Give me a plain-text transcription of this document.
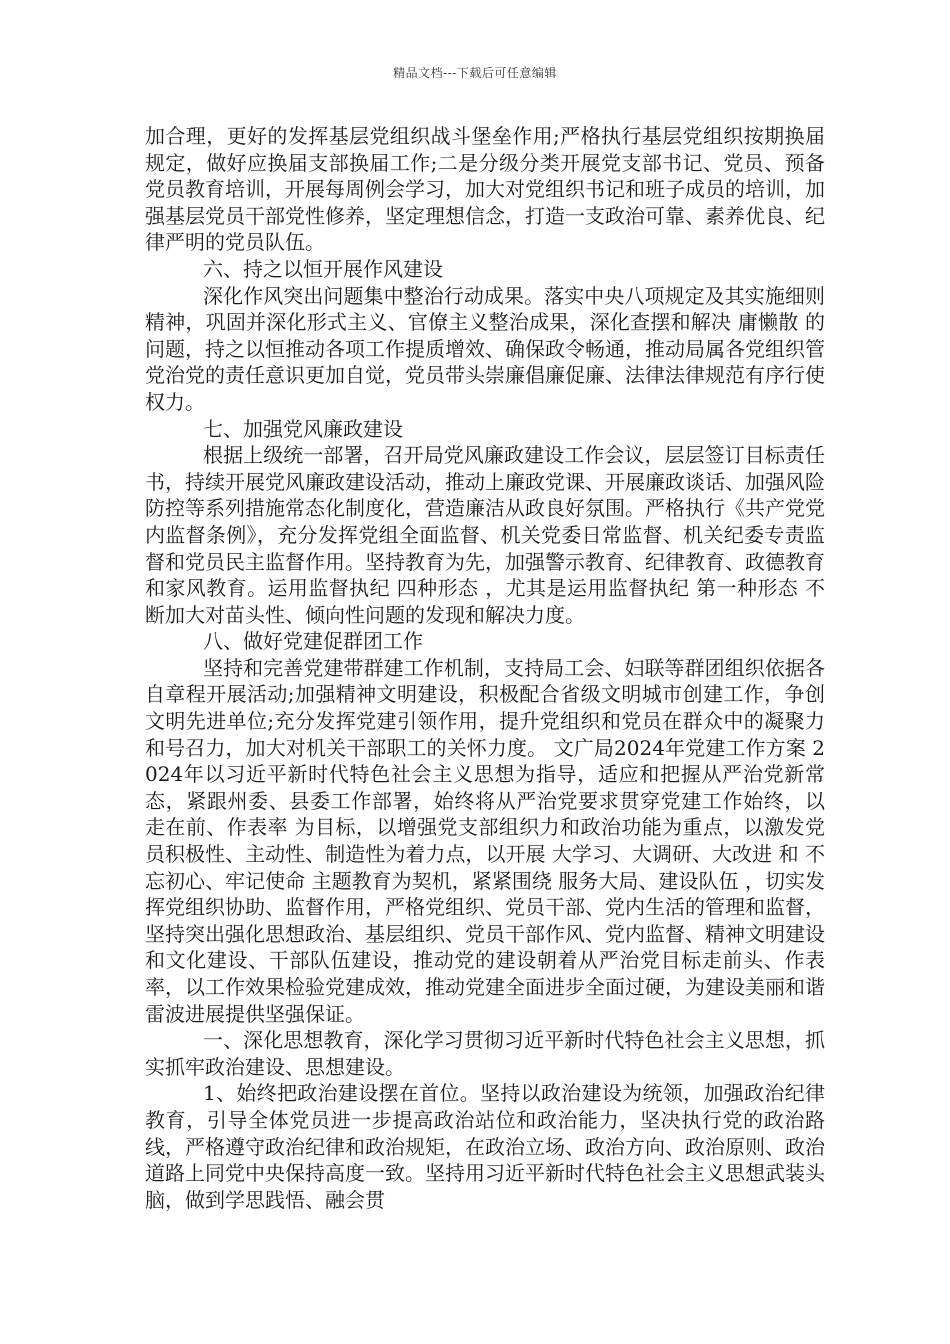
精品文档---下载后可任意编辑

加合理，更好的发挥基层党组织战斗堡垒作用;严格执行基层党组织按期换届规定，做好应换届支部换届工作;二是分级分类开展党支部书记、党员、预备党员教育培训，开展每周例会学习，加大对党组织书记和班子成员的培训，加强基层党员干部党性修养，坚定理想信念，打造一支政治可靠、素养优良、纪律严明的党员队伍。

六、持之以恒开展作风建设

深化作风突出问题集中整治行动成果。落实中央八项规定及其实施细则精神，巩固并深化形式主义、官僚主义整治成果，深化查摆和解决 庸懒散 的问题，持之以恒推动各项工作提质增效、确保政令畅通，推动局属各党组织管党治党的责任意识更加自觉，党员带头崇廉倡廉促廉、法律法律规范有序行使权力。

七、加强党风廉政建设

根据上级统一部署，召开局党风廉政建设工作会议，层层签订目标责任书，持续开展党风廉政建设活动，推动上廉政党课、开展廉政谈话、加强风险防控等系列措施常态化制度化，营造廉洁从政良好氛围。严格执行《共产党党内监督条例》，充分发挥党组全面监督、机关党委日常监督、机关纪委专责监督和党员民主监督作用。坚持教育为先，加强警示教育、纪律教育、政德教育和家风教育。运用监督执纪 四种形态 ，尤其是运用监督执纪 第一种形态 不断加大对苗头性、倾向性问题的发现和解决力度。

八、做好党建促群团工作

坚持和完善党建带群建工作机制，支持局工会、妇联等群团组织依据各自章程开展活动;加强精神文明建设，积极配合省级文明城市创建工作，争创文明先进单位;充分发挥党建引领作用，提升党组织和党员在群众中的凝聚力和号召力，加大对机关干部职工的关怀力度。 文广局2024年党建工作方案 2024年以习近平新时代特色社会主义思想为指导，适应和把握从严治党新常态，紧跟州委、县委工作部署，始终将从严治党要求贯穿党建工作始终，以 走在前、作表率 为目标，以增强党支部组织力和政治功能为重点，以激发党员积极性、主动性、制造性为着力点，以开展 大学习、大调研、大改进 和 不忘初心、牢记使命 主题教育为契机，紧紧围绕 服务大局、建设队伍 ，切实发挥党组织协助、监督作用，严格党组织、党员干部、党内生活的管理和监督，坚持突出强化思想政治、基层组织、党员干部作风、党内监督、精神文明建设和文化建设、干部队伍建设，推动党的建设朝着从严治党目标走前头、作表率，以工作效果检验党建成效，推动党建全面进步全面过硬，为建设美丽和谐雷波进展提供坚强保证。

一、深化思想教育，深化学习贯彻习近平新时代特色社会主义思想，抓实抓牢政治建设、思想建设。

1、始终把政治建设摆在首位。坚持以政治建设为统领，加强政治纪律教育，引导全体党员进一步提高政治站位和政治能力，坚决执行党的政治路线，严格遵守政治纪律和政治规矩，在政治立场、政治方向、政治原则、政治道路上同党中央保持高度一致。坚持用习近平新时代特色社会主义思想武装头脑，做到学思践悟、融会贯
